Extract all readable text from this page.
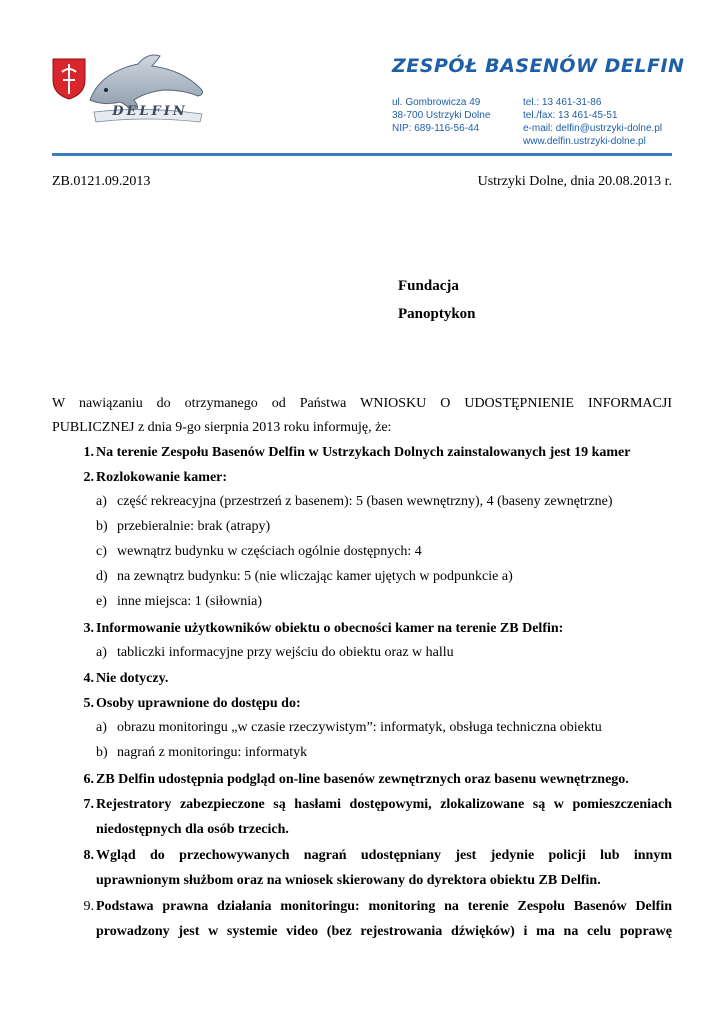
DELFIN
ZESPÓŁ BASENÓW DELFIN
ul. Gombrowicza 49
38-700 Ustrzyki Dolne
NIP: 689-116-56-44
tel.: 13 461-31-86
tel./fax: 13 461-45-51
e-mail: delfin@ustrzyki-dolne.pl
www.delfin.ustrzyki-dolne.pl
ZB.0121.09.2013	Ustrzyki Dolne, dnia 20.08.2013 r.
Fundacja
Panoptykon
W nawiązaniu do otrzymanego od Państwa WNIOSKU O UDOSTĘPNIENIE INFORMACJI
PUBLICZNEJ z dnia 9-go sierpnia 2013 roku informuję, że:
1. Na terenie Zespołu Basenów Delfin w Ustrzykach Dolnych zainstalowanych jest 19 kamer
2. Rozlokowanie kamer:
a) część rekreacyjna (przestrzeń z basenem): 5 (basen wewnętrzny), 4 (baseny zewnętrzne)
b) przebieralnie: brak (atrapy)
c) wewnątrz budynku w częściach ogólnie dostępnych: 4
d) na zewnątrz budynku: 5 (nie wliczając kamer ujętych w podpunkcie a)
e) inne miejsca: 1 (siłownia)
3. Informowanie użytkowników obiektu o obecności kamer na terenie ZB Delfin:
a) tabliczki informacyjne przy wejściu do obiektu oraz w hallu
4. Nie dotyczy.
5. Osoby uprawnione do dostępu do:
a) obrazu monitoringu „w czasie rzeczywistym”: informatyk, obsługa techniczna obiektu
b) nagrań z monitoringu: informatyk
6. ZB Delfin udostępnia podgląd on-line basenów zewnętrznych oraz basenu wewnętrznego.
7. Rejestratory zabezpieczone są hasłami dostępowymi, zlokalizowane są w pomieszczeniach
niedostępnych dla osób trzecich.
8. Wgląd do przechowywanych nagrań udostępniany jest jedynie policji lub innym
uprawnionym służbom oraz na wniosek skierowany do dyrektora obiektu ZB Delfin.
9. Podstawa prawna działania monitoringu: monitoring na terenie Zespołu Basenów Delfin
prowadzony jest w systemie video (bez rejestrowania dźwięków) i ma na celu poprawę
